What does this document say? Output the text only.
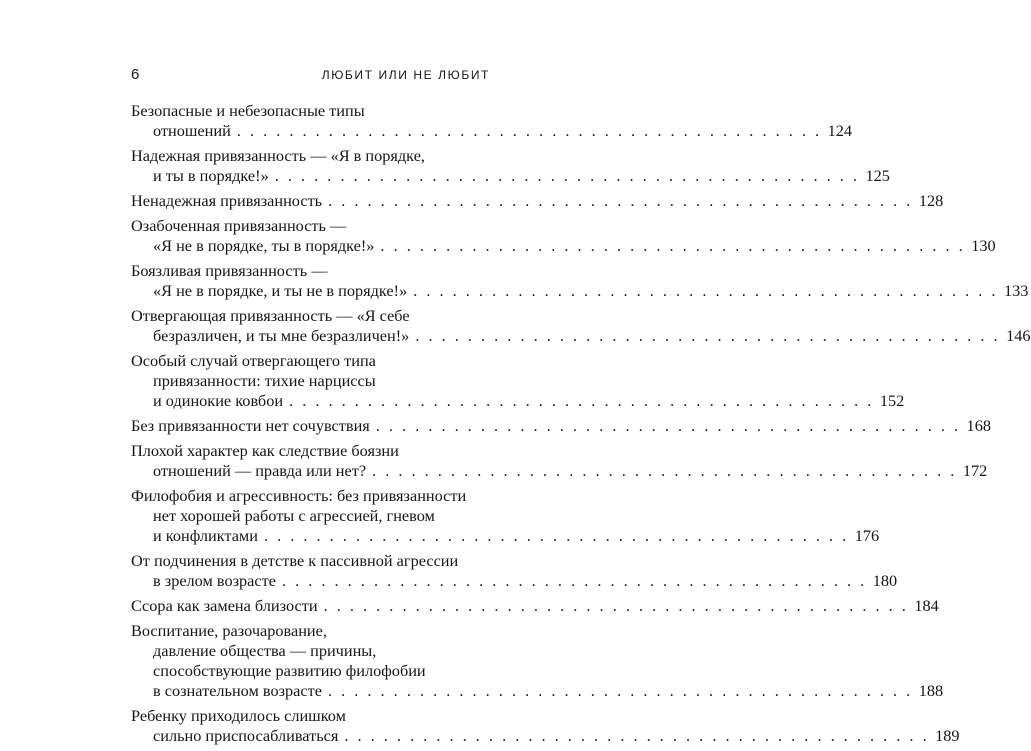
6	ЛЮБИТ ИЛИ НЕ ЛЮБИТ
Безопасные и небезопасные типы
отношений . . . . . . . . . . . . . . . . . . . . . . . . . . . . . . . . . . . . . . . . . . . . . 124
Надежная привязанность — «Я в порядке,
и ты в порядке!» . . . . . . . . . . . . . . . . . . . . . . . . . . . . . . . . . . . . . . . . . . . . . 125
Ненадежная привязанность . . . . . . . . . . . . . . . . . . . . . . . . . . . . . . . . . . . . . . . . . . . . . 128
Озабоченная привязанность —
«Я не в порядке, ты в порядке!» . . . . . . . . . . . . . . . . . . . . . . . . . . . . . . . . . . . . . . . . . . . . . 130
Боязливая привязанность —
«Я не в порядке, и ты не в порядке!» . . . . . . . . . . . . . . . . . . . . . . . . . . . . . . . . . . . . . . . . . . . . . 133
Отвергающая привязанность — «Я себе
безразличен, и ты мне безразличен!» . . . . . . . . . . . . . . . . . . . . . . . . . . . . . . . . . . . . . . . . . . . . . 146
Особый случай отвергающего типа
привязанности: тихие нарциссы
и одинокие ковбои . . . . . . . . . . . . . . . . . . . . . . . . . . . . . . . . . . . . . . . . . . . . . 152
Без привязанности нет сочувствия . . . . . . . . . . . . . . . . . . . . . . . . . . . . . . . . . . . . . . . . . . . . . 168
Плохой характер как следствие боязни
отношений — правда или нет? . . . . . . . . . . . . . . . . . . . . . . . . . . . . . . . . . . . . . . . . . . . . . 172
Филофобия и агрессивность: без привязанности
нет хорошей работы с агрессией, гневом
и конфликтами . . . . . . . . . . . . . . . . . . . . . . . . . . . . . . . . . . . . . . . . . . . . . 176
От подчинения в детстве к пассивной агрессии
в зрелом возрасте . . . . . . . . . . . . . . . . . . . . . . . . . . . . . . . . . . . . . . . . . . . . . 180
Ссора как замена близости . . . . . . . . . . . . . . . . . . . . . . . . . . . . . . . . . . . . . . . . . . . . . 184
Воспитание, разочарование,
давление общества — причины,
способствующие развитию филофобии
в сознательном возрасте . . . . . . . . . . . . . . . . . . . . . . . . . . . . . . . . . . . . . . . . . . . . . 188
Ребенку приходилось слишком
сильно приспосабливаться . . . . . . . . . . . . . . . . . . . . . . . . . . . . . . . . . . . . . . . . . . . . . 189
